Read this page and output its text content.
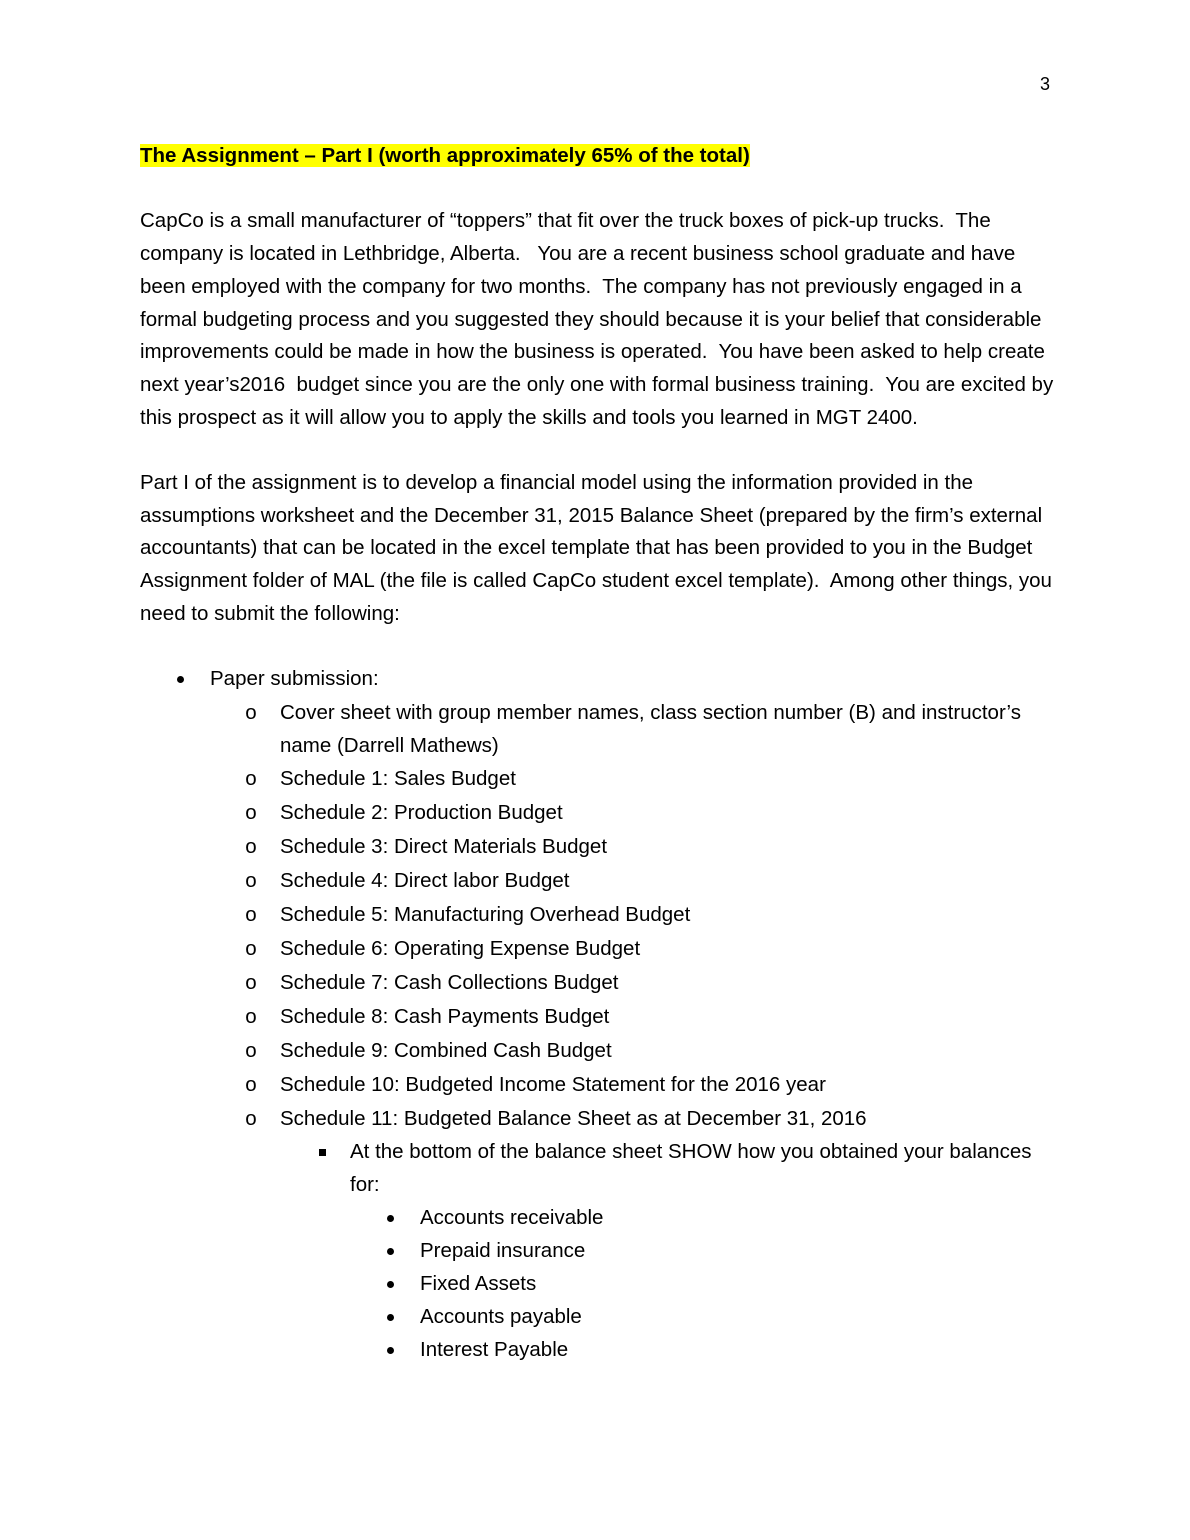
3

The Assignment – Part I (worth approximately 65% of the total)

CapCo is a small manufacturer of “toppers” that fit over the truck boxes of pick-up trucks.  The company is located in Lethbridge, Alberta.   You are a recent business school graduate and have been employed with the company for two months.  The company has not previously engaged in a formal budgeting process and you suggested they should because it is your belief that considerable improvements could be made in how the business is operated.  You have been asked to help create next year’s2016  budget since you are the only one with formal business training.  You are excited by this prospect as it will allow you to apply the skills and tools you learned in MGT 2400.

Part I of the assignment is to develop a financial model using the information provided in the assumptions worksheet and the December 31, 2015 Balance Sheet (prepared by the firm’s external accountants) that can be located in the excel template that has been provided to you in the Budget Assignment folder of MAL (the file is called CapCo student excel template).  Among other things, you need to submit the following:

Paper submission:
o Cover sheet with group member names, class section number (B) and instructor’s name (Darrell Mathews)
o Schedule 1: Sales Budget
o Schedule 2: Production Budget
o Schedule 3: Direct Materials Budget
o Schedule 4: Direct labor Budget
o Schedule 5: Manufacturing Overhead Budget
o Schedule 6: Operating Expense Budget
o Schedule 7: Cash Collections Budget
o Schedule 8: Cash Payments Budget
o Schedule 9: Combined Cash Budget
o Schedule 10: Budgeted Income Statement for the 2016 year
o Schedule 11: Budgeted Balance Sheet as at December 31, 2016
At the bottom of the balance sheet SHOW how you obtained your balances for:
Accounts receivable
Prepaid insurance
Fixed Assets
Accounts payable
Interest Payable
